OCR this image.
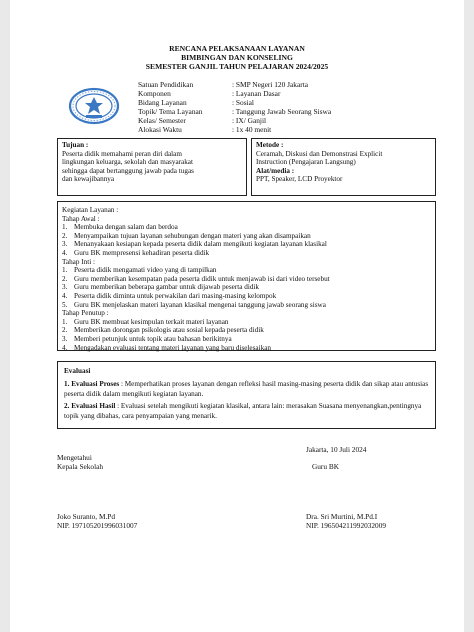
RENCANA PELAKSANAAN LAYANAN
BIMBINGAN DAN KONSELING
SEMESTER GANJIL TAHUN PELAJARAN 2024/2025
Satuan Pendidikan	: SMP Negeri 120 Jakarta
Komponen	: Layanan Dasar
Bidang Layanan	: Sosial
Topik/ Tema Layanan	: Tanggung Jawab Seorang Siswa
Kelas/ Semester	: IX/ Ganjil
Alokasi Waktu	: 1x 40 menit
Tujuan :
Peserta didik memahami peran diri dalam
lingkungan keluarga, sekolah dan masyarakat
sehingga dapat bertanggung jawab pada tugas
dan kewajibannya
Metode :
Ceramah, Diskusi dan Demonstrasi Explicit
Instruction (Pengajaran Langsung)
Alat/media :
PPT, Speaker, LCD Proyektor
Kegiatan Layanan :
Tahap Awal :
1. Membuka dengan salam dan berdoa
2. Menyampaikan tujuan layanan sehubungan dengan materi yang akan disampaikan
3. Menanyakaan kesiapan kepada peserta didik dalam mengikuti kegiatan layanan klasikal
4. Guru BK mempresensi kehadiran peserta didik
Tahap Inti :
1. Peserta didik mengamati video yang di tampilkan
2. Guru memberikan kesempatan pada peserta didik untuk menjawab isi dari video tersebut
3. Guru memberikan beberapa gambar untuk dijawab peserta didik
4. Peserta didik diminta untuk perwakilan dari masing-masing kelompok
5. Guru BK menjelaskan materi layanan klasikal mengenai tanggung jawab seorang siswa
Tahap Penutup :
1. Guru BK membuat kesimpulan terkait materi layanan
2. Memberikan dorongan psikologis atau sosial kepada peserta didik
3. Memberi petunjuk untuk topik atau bahasan berikitnya
4. Mengadakan evaluasi tentang materi layanan yang baru diselesaikan

Evaluasi

1. Evaluasi Proses : Memperhatikan proses layanan dengan refleksi hasil masing-masing peserta didik dan sikap atau antusias peserta didik dalam mengikuti kegiatan layanan.

2. Evaluasi Hasil : Evaluasi setelah mengikuti kegiatan klasikal, antara lain: merasakan Suasana menyenangkan,pentingnya topik yang dibahas, cara penyampaian yang menarik.

Jakarta, 10 Juli 2024
Mengetahui
Kepala Sekolah	Guru BK
Joko Suranto, M.Pd
NIP. 197105201996031007
Dra. Sri Murtini, M.Pd.I
NIP. 196504211992032009
